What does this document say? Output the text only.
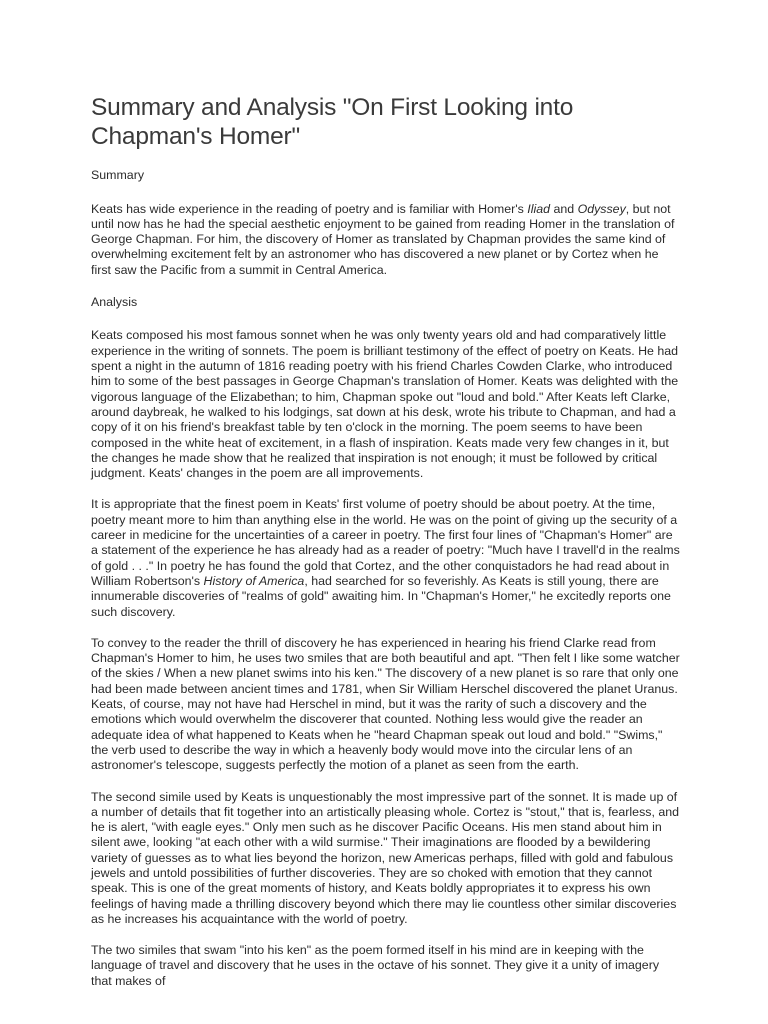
Summary and Analysis "On First Looking into Chapman's Homer"
Summary

Keats has wide experience in the reading of poetry and is familiar with Homer's Iliad and Odyssey, but not until now has he had the special aesthetic enjoyment to be gained from reading Homer in the translation of George Chapman. For him, the discovery of Homer as translated by Chapman provides the same kind of overwhelming excitement felt by an astronomer who has discovered a new planet or by Cortez when he first saw the Pacific from a summit in Central America.

Analysis

Keats composed his most famous sonnet when he was only twenty years old and had comparatively little experience in the writing of sonnets. The poem is brilliant testimony of the effect of poetry on Keats. He had spent a night in the autumn of 1816 reading poetry with his friend Charles Cowden Clarke, who introduced him to some of the best passages in George Chapman's translation of Homer. Keats was delighted with the vigorous language of the Elizabethan; to him, Chapman spoke out "loud and bold." After Keats left Clarke, around daybreak, he walked to his lodgings, sat down at his desk, wrote his tribute to Chapman, and had a copy of it on his friend's breakfast table by ten o'clock in the morning. The poem seems to have been composed in the white heat of excitement, in a flash of inspiration. Keats made very few changes in it, but the changes he made show that he realized that inspiration is not enough; it must be followed by critical judgment. Keats' changes in the poem are all improvements.

It is appropriate that the finest poem in Keats' first volume of poetry should be about poetry. At the time, poetry meant more to him than anything else in the world. He was on the point of giving up the security of a career in medicine for the uncertainties of a career in poetry. The first four lines of "Chapman's Homer" are a statement of the experience he has already had as a reader of poetry: "Much have I travell'd in the realms of gold . . ." In poetry he has found the gold that Cortez, and the other conquistadors he had read about in William Robertson's History of America, had searched for so feverishly. As Keats is still young, there are innumerable discoveries of "realms of gold" awaiting him. In "Chapman's Homer," he excitedly reports one such discovery.

To convey to the reader the thrill of discovery he has experienced in hearing his friend Clarke read from Chapman's Homer to him, he uses two smiles that are both beautiful and apt. "Then felt I like some watcher of the skies / When a new planet swims into his ken." The discovery of a new planet is so rare that only one had been made between ancient times and 1781, when Sir William Herschel discovered the planet Uranus. Keats, of course, may not have had Herschel in mind, but it was the rarity of such a discovery and the emotions which would overwhelm the discoverer that counted. Nothing less would give the reader an adequate idea of what happened to Keats when he "heard Chapman speak out loud and bold." "Swims," the verb used to describe the way in which a heavenly body would move into the circular lens of an astronomer's telescope, suggests perfectly the motion of a planet as seen from the earth.

The second simile used by Keats is unquestionably the most impressive part of the sonnet. It is made up of a number of details that fit together into an artistically pleasing whole. Cortez is "stout," that is, fearless, and he is alert, "with eagle eyes." Only men such as he discover Pacific Oceans. His men stand about him in silent awe, looking "at each other with a wild surmise." Their imaginations are flooded by a bewildering variety of guesses as to what lies beyond the horizon, new Americas perhaps, filled with gold and fabulous jewels and untold possibilities of further discoveries. They are so choked with emotion that they cannot speak. This is one of the great moments of history, and Keats boldly appropriates it to express his own feelings of having made a thrilling discovery beyond which there may lie countless other similar discoveries as he increases his acquaintance with the world of poetry.

The two similes that swam "into his ken" as the poem formed itself in his mind are in keeping with the language of travel and discovery that he uses in the octave of his sonnet. They give it a unity of imagery that makes of
